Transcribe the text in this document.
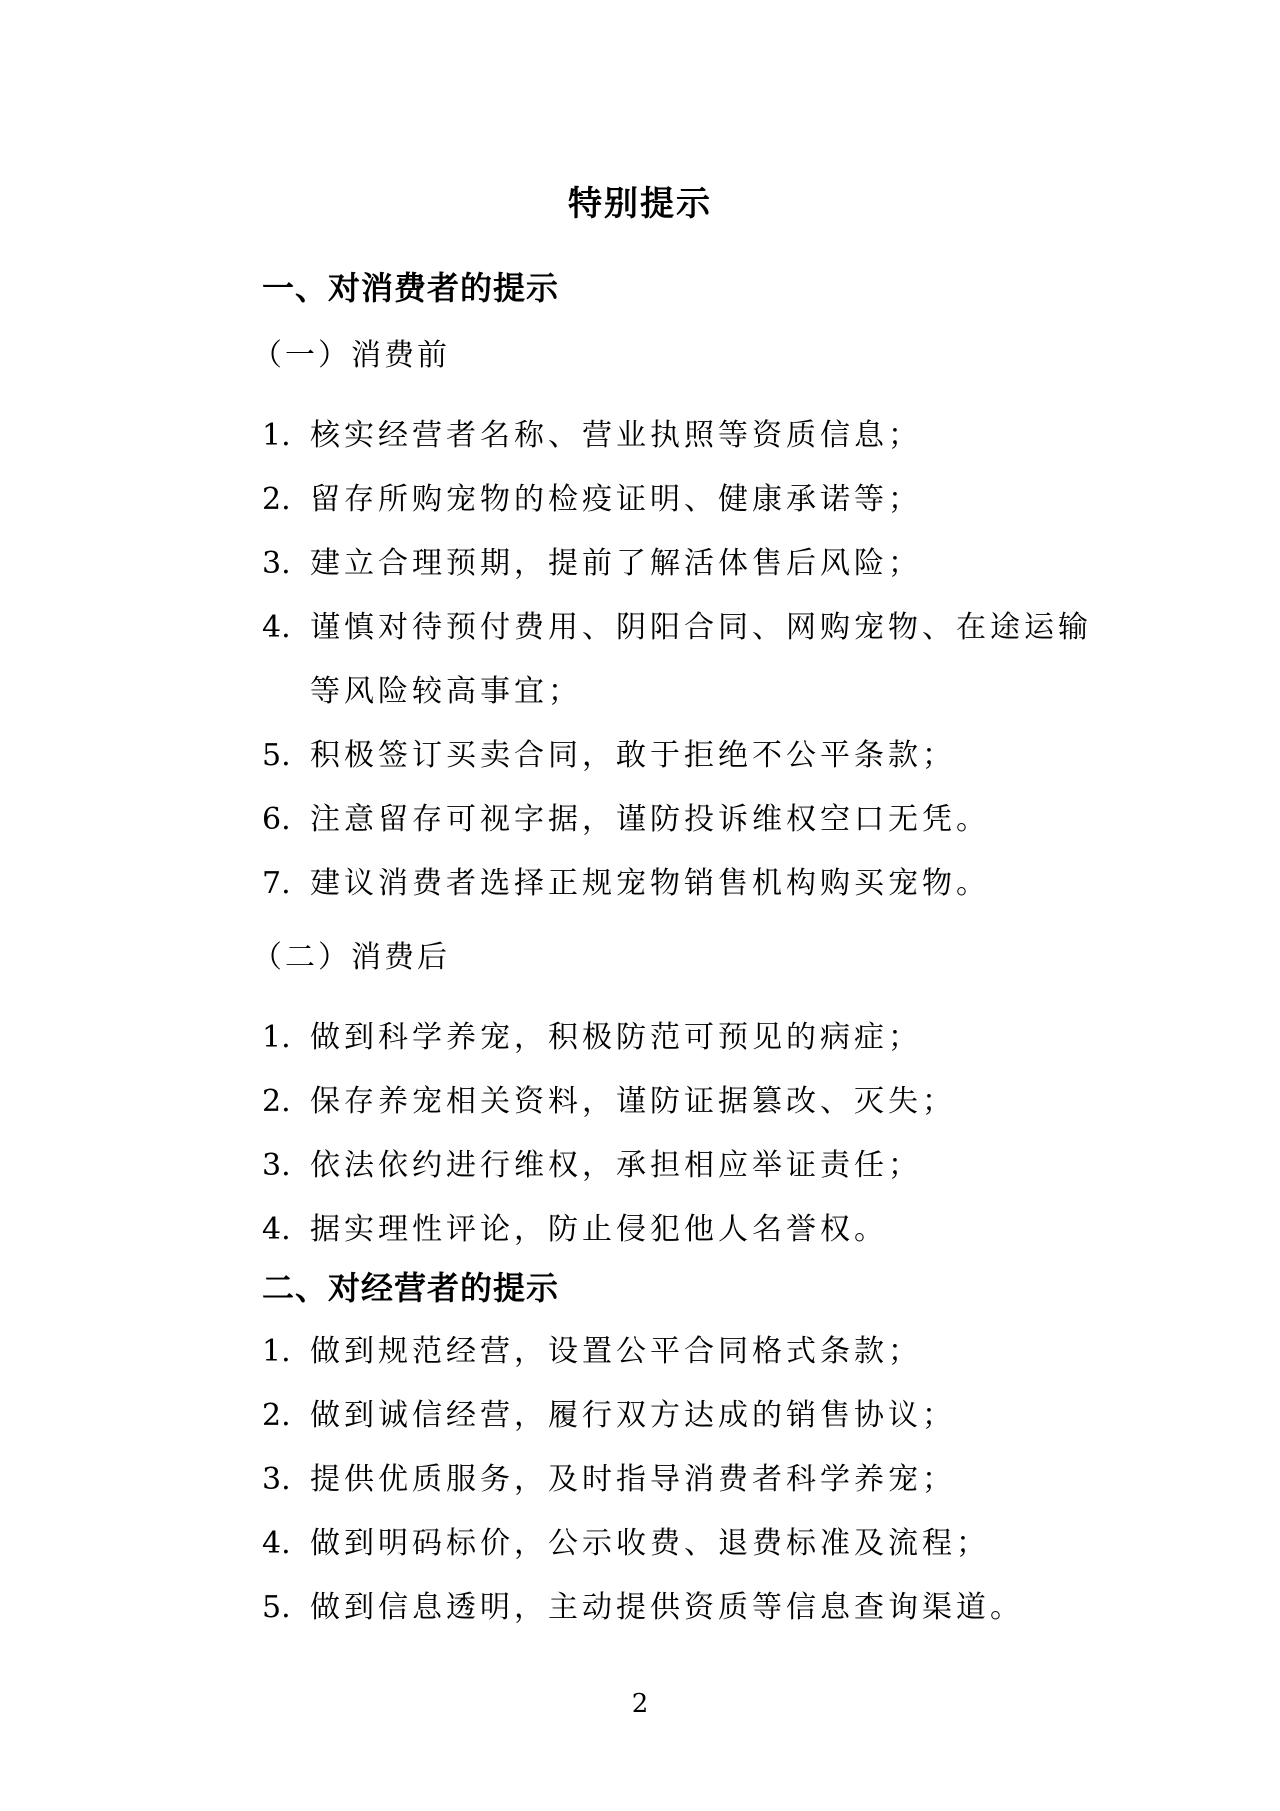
特别提示
一、对消费者的提示
（一）消费前
1. 核实经营者名称、营业执照等资质信息；
2. 留存所购宠物的检疫证明、健康承诺等；
3. 建立合理预期，提前了解活体售后风险；
4. 谨慎对待预付费用、阴阳合同、网购宠物、在途运输
等风险较高事宜；
5. 积极签订买卖合同，敢于拒绝不公平条款；
6. 注意留存可视字据，谨防投诉维权空口无凭。
7. 建议消费者选择正规宠物销售机构购买宠物。
（二）消费后
1. 做到科学养宠，积极防范可预见的病症；
2. 保存养宠相关资料，谨防证据篡改、灭失；
3. 依法依约进行维权，承担相应举证责任；
4. 据实理性评论，防止侵犯他人名誉权。
二、对经营者的提示
1. 做到规范经营，设置公平合同格式条款；
2. 做到诚信经营，履行双方达成的销售协议；
3. 提供优质服务，及时指导消费者科学养宠；
4. 做到明码标价，公示收费、退费标准及流程；
5. 做到信息透明，主动提供资质等信息查询渠道。
2
